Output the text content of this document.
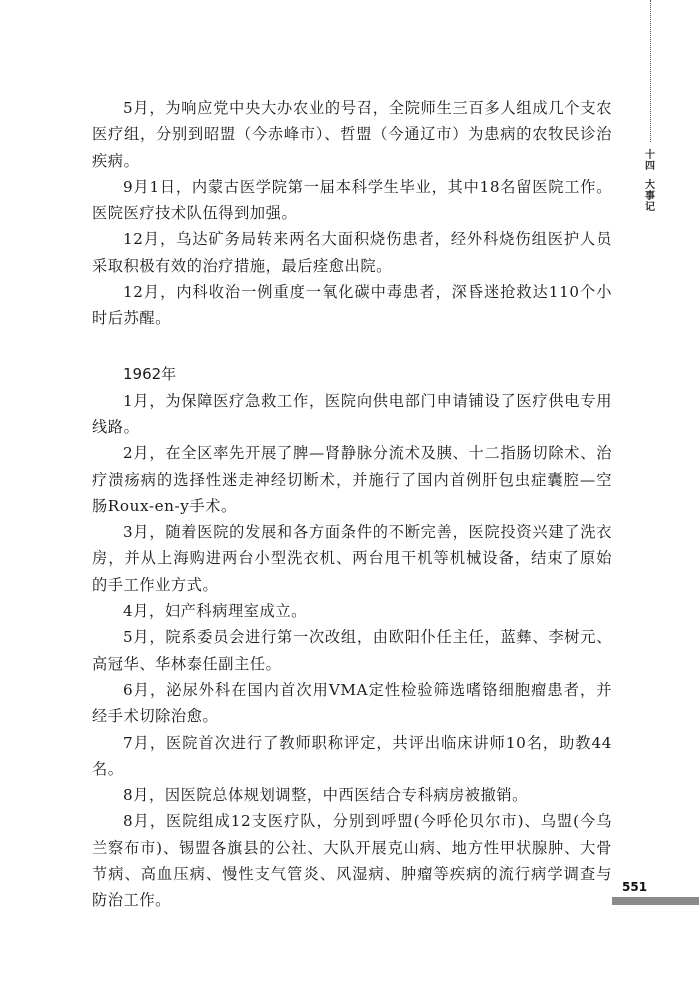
十四
大事记

5月，为响应党中央大办农业的号召，全院师生三百多人组成几个支农医疗组，分别到昭盟（今赤峰市）、哲盟（今通辽市）为患病的农牧民诊治疾病。

9月1日，内蒙古医学院第一届本科学生毕业，其中18名留医院工作。医院医疗技术队伍得到加强。

12月，乌达矿务局转来两名大面积烧伤患者，经外科烧伤组医护人员采取积极有效的治疗措施，最后痊愈出院。

12月，内科收治一例重度一氧化碳中毒患者，深昏迷抢救达110个小时后苏醒。

1962年

1月，为保障医疗急救工作，医院向供电部门申请铺设了医疗供电专用线路。

2月，在全区率先开展了脾—肾静脉分流术及胰、十二指肠切除术、治疗溃疡病的选择性迷走神经切断术，并施行了国内首例肝包虫症囊腔—空肠Roux-en-y手术。

3月，随着医院的发展和各方面条件的不断完善，医院投资兴建了洗衣房，并从上海购进两台小型洗衣机、两台甩干机等机械设备，结束了原始的手工作业方式。

4月，妇产科病理室成立。

5月，院系委员会进行第一次改组，由欧阳仆任主任，蓝彝、李树元、高冠华、华林泰任副主任。

6月，泌尿外科在国内首次用VMA定性检验筛选嗜铬细胞瘤患者，并经手术切除治愈。

7月，医院首次进行了教师职称评定，共评出临床讲师10名，助教44名。

8月，因医院总体规划调整，中西医结合专科病房被撤销。

8月，医院组成12支医疗队，分别到呼盟(今呼伦贝尔市)、乌盟(今乌兰察布市)、锡盟各旗县的公社、大队开展克山病、地方性甲状腺肿、大骨节病、高血压病、慢性支气管炎、风湿病、肿瘤等疾病的流行病学调查与防治工作。

551
